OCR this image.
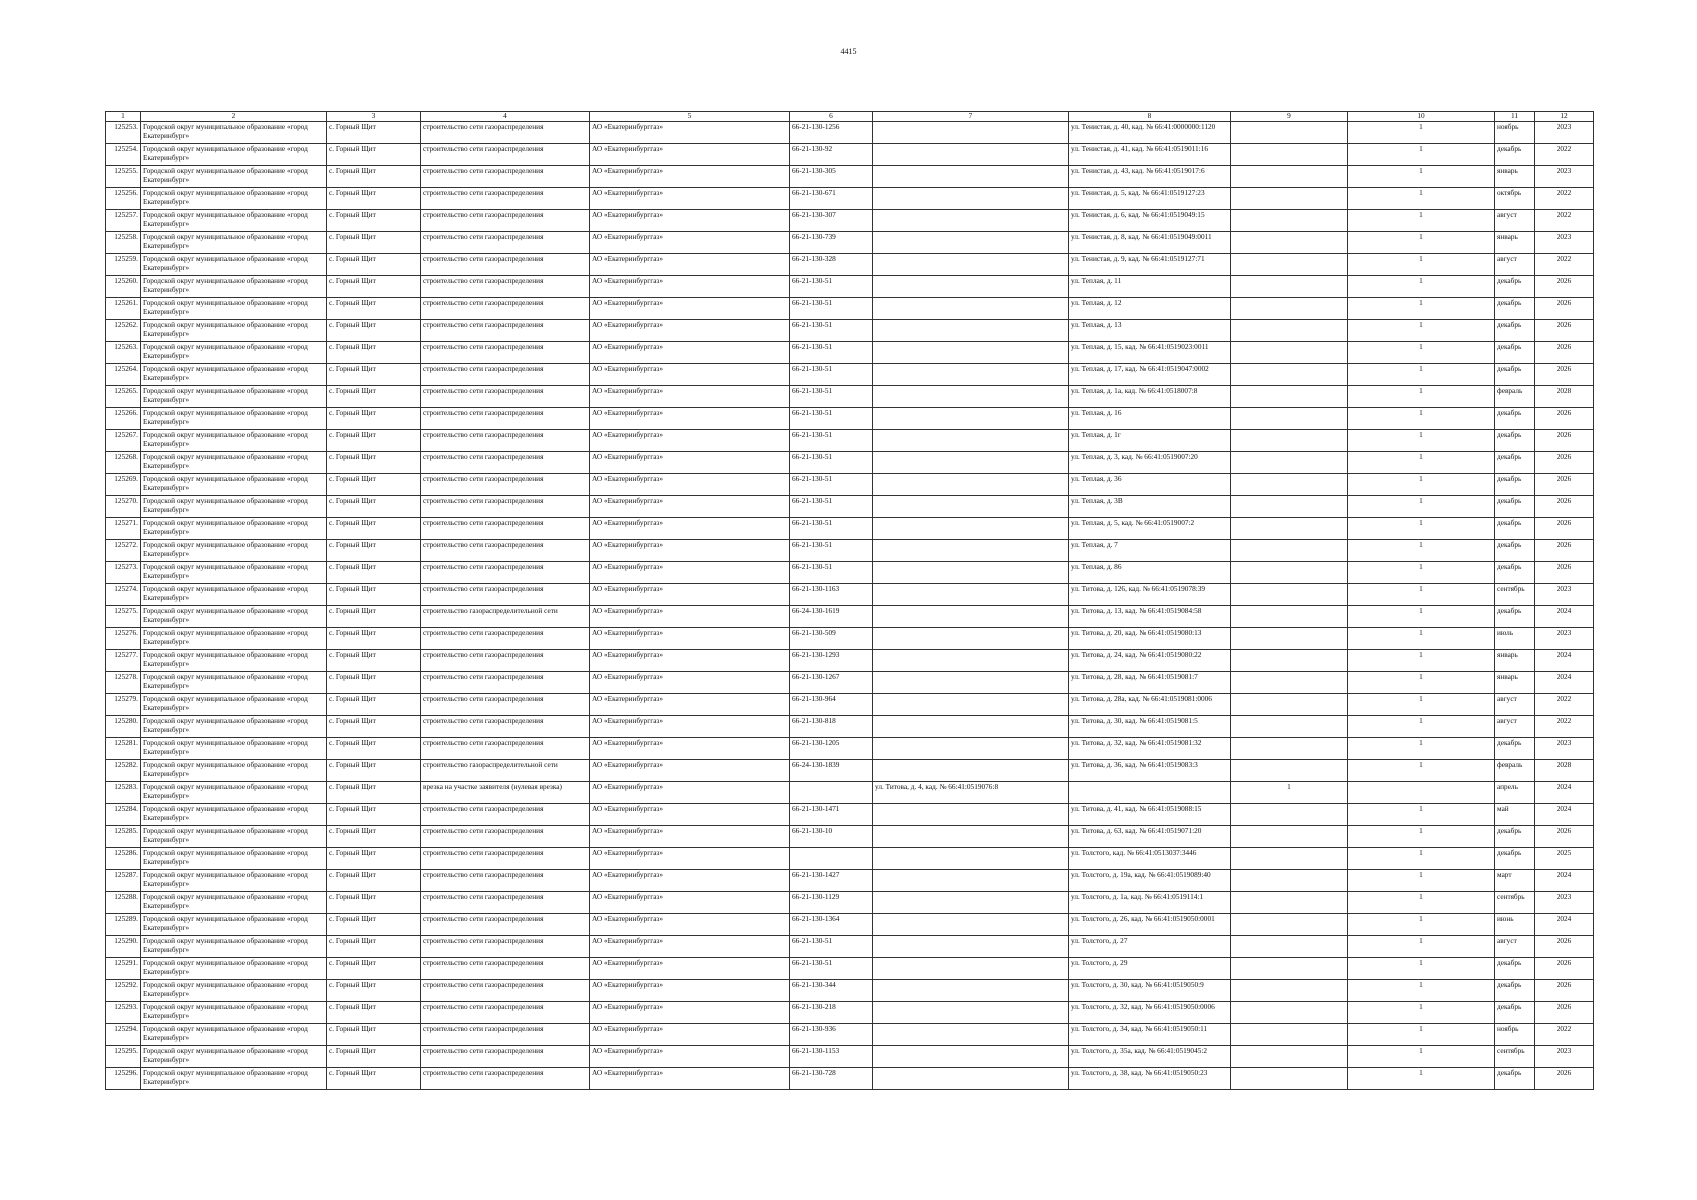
4415
1	2	3	4	5	6	7	8	9	10	11	12
125253.	Городской округ муниципальное образование «город Екатеринбург»	с. Горный Щит	строительство сети газораспределения	АО «Екатеринбурггаз»	66-21-130-1256		ул. Тенистая, д. 40, кад. № 66:41:0000000:1120		1	ноябрь	2023
125254.	Городской округ муниципальное образование «город Екатеринбург»	с. Горный Щит	строительство сети газораспределения	АО «Екатеринбурггаз»	66-21-130-92		ул. Тенистая, д. 41, кад. № 66:41:0519011:16		1	декабрь	2022
125255.	Городской округ муниципальное образование «город Екатеринбург»	с. Горный Щит	строительство сети газораспределения	АО «Екатеринбурггаз»	66-21-130-305		ул. Тенистая, д. 43, кад. № 66:41:0519017:6		1	январь	2023
125256.	Городской округ муниципальное образование «город Екатеринбург»	с. Горный Щит	строительство сети газораспределения	АО «Екатеринбурггаз»	66-21-130-671		ул. Тенистая, д. 5, кад. № 66:41:0519127:23		1	октябрь	2022
125257.	Городской округ муниципальное образование «город Екатеринбург»	с. Горный Щит	строительство сети газораспределения	АО «Екатеринбурггаз»	66-21-130-307		ул. Тенистая, д. 6, кад. № 66:41:0519049:15		1	август	2022
125258.	Городской округ муниципальное образование «город Екатеринбург»	с. Горный Щит	строительство сети газораспределения	АО «Екатеринбурггаз»	66-21-130-739		ул. Тенистая, д. 8, кад. № 66:41:0519049:0011		1	январь	2023
125259.	Городской округ муниципальное образование «город Екатеринбург»	с. Горный Щит	строительство сети газораспределения	АО «Екатеринбурггаз»	66-21-130-328		ул. Тенистая, д. 9, кад. № 66:41:0519127:71		1	август	2022
125260.	Городской округ муниципальное образование «город Екатеринбург»	с. Горный Щит	строительство сети газораспределения	АО «Екатеринбурггаз»	66-21-130-51		ул. Теплая, д. 11		1	декабрь	2026
125261.	Городской округ муниципальное образование «город Екатеринбург»	с. Горный Щит	строительство сети газораспределения	АО «Екатеринбурггаз»	66-21-130-51		ул. Теплая, д. 12		1	декабрь	2026
125262.	Городской округ муниципальное образование «город Екатеринбург»	с. Горный Щит	строительство сети газораспределения	АО «Екатеринбурггаз»	66-21-130-51		ул. Теплая, д. 13		1	декабрь	2026
125263.	Городской округ муниципальное образование «город Екатеринбург»	с. Горный Щит	строительство сети газораспределения	АО «Екатеринбурггаз»	66-21-130-51		ул. Теплая, д. 15, кад. № 66:41:0519023:0011		1	декабрь	2026
125264.	Городской округ муниципальное образование «город Екатеринбург»	с. Горный Щит	строительство сети газораспределения	АО «Екатеринбурггаз»	66-21-130-51		ул. Теплая, д. 17, кад. № 66:41:0519047:0002		1	декабрь	2026
125265.	Городской округ муниципальное образование «город Екатеринбург»	с. Горный Щит	строительство сети газораспределения	АО «Екатеринбурггаз»	66-21-130-51		ул. Теплая, д. 1а, кад. № 66:41:0518007:8		1	февраль	2028
125266.	Городской округ муниципальное образование «город Екатеринбург»	с. Горный Щит	строительство сети газораспределения	АО «Екатеринбурггаз»	66-21-130-51		ул. Теплая, д. 16		1	декабрь	2026
125267.	Городской округ муниципальное образование «город Екатеринбург»	с. Горный Щит	строительство сети газораспределения	АО «Екатеринбурггаз»	66-21-130-51		ул. Теплая, д. 1г		1	декабрь	2026
125268.	Городской округ муниципальное образование «город Екатеринбург»	с. Горный Щит	строительство сети газораспределения	АО «Екатеринбурггаз»	66-21-130-51		ул. Теплая, д. 3, кад. № 66:41:0519007:20		1	декабрь	2026
125269.	Городской округ муниципальное образование «город Екатеринбург»	с. Горный Щит	строительство сети газораспределения	АО «Екатеринбурггаз»	66-21-130-51		ул. Теплая, д. 36		1	декабрь	2026
125270.	Городской округ муниципальное образование «город Екатеринбург»	с. Горный Щит	строительство сети газораспределения	АО «Екатеринбурггаз»	66-21-130-51		ул. Теплая, д. 3В		1	декабрь	2026
125271.	Городской округ муниципальное образование «город Екатеринбург»	с. Горный Щит	строительство сети газораспределения	АО «Екатеринбурггаз»	66-21-130-51		ул. Теплая, д. 5, кад. № 66:41:0519007:2		1	декабрь	2026
125272.	Городской округ муниципальное образование «город Екатеринбург»	с. Горный Щит	строительство сети газораспределения	АО «Екатеринбурггаз»	66-21-130-51		ул. Теплая, д. 7		1	декабрь	2026
125273.	Городской округ муниципальное образование «город Екатеринбург»	с. Горный Щит	строительство сети газораспределения	АО «Екатеринбурггаз»	66-21-130-51		ул. Теплая, д. 86		1	декабрь	2026
125274.	Городской округ муниципальное образование «город Екатеринбург»	с. Горный Щит	строительство сети газораспределения	АО «Екатеринбурггаз»	66-21-130-1163		ул. Титова, д. 126, кад. № 66:41:0519078:39		1	сентябрь	2023
125275.	Городской округ муниципальное образование «город Екатеринбург»	с. Горный Щит	строительство газораспределительной сети	АО «Екатеринбурггаз»	66-24-130-1619		ул. Титова, д. 13, кад. № 66:41:0519084:58		1	декабрь	2024
125276.	Городской округ муниципальное образование «город Екатеринбург»	с. Горный Щит	строительство сети газораспределения	АО «Екатеринбурггаз»	66-21-130-509		ул. Титова, д. 20, кад. № 66:41:0519080:13		1	июль	2023
125277.	Городской округ муниципальное образование «город Екатеринбург»	с. Горный Щит	строительство сети газораспределения	АО «Екатеринбурггаз»	66-21-130-1293		ул. Титова, д. 24, кад. № 66:41:0519080:22		1	январь	2024
125278.	Городской округ муниципальное образование «город Екатеринбург»	с. Горный Щит	строительство сети газораспределения	АО «Екатеринбурггаз»	66-21-130-1267		ул. Титова, д. 28, кад. № 66:41:0519081:7		1	январь	2024
125279.	Городской округ муниципальное образование «город Екатеринбург»	с. Горный Щит	строительство сети газораспределения	АО «Екатеринбурггаз»	66-21-130-964		ул. Титова, д. 28а, кад. № 66:41:0519081:0006		1	август	2022
125280.	Городской округ муниципальное образование «город Екатеринбург»	с. Горный Щит	строительство сети газораспределения	АО «Екатеринбурггаз»	66-21-130-818		ул. Титова, д. 30, кад. № 66:41:0519081:5		1	август	2022
125281.	Городской округ муниципальное образование «город Екатеринбург»	с. Горный Щит	строительство сети газораспределения	АО «Екатеринбурггаз»	66-21-130-1205		ул. Титова, д. 32, кад. № 66:41:0519081:32		1	декабрь	2023
125282.	Городской округ муниципальное образование «город Екатеринбург»	с. Горный Щит	строительство газораспределительной сети	АО «Екатеринбурггаз»	66-24-130-1839		ул. Титова, д. 36, кад. № 66:41:0519083:3		1	февраль	2028
125283.	Городской округ муниципальное образование «город Екатеринбург»	с. Горный Щит	врезка на участке заявителя (нулевая врезка)	АО «Екатеринбурггаз»		ул. Титова, д. 4, кад. № 66:41:0519076:8		1		апрель	2024
125284.	Городской округ муниципальное образование «город Екатеринбург»	с. Горный Щит	строительство сети газораспределения	АО «Екатеринбурггаз»	66-21-130-1471		ул. Титова, д. 41, кад. № 66:41:0519088:15		1	май	2024
125285.	Городской округ муниципальное образование «город Екатеринбург»	с. Горный Щит	строительство сети газораспределения	АО «Екатеринбурггаз»	66-21-130-10		ул. Титова, д. 63, кад. № 66:41:0519071:20		1	декабрь	2026
125286.	Городской округ муниципальное образование «город Екатеринбург»	с. Горный Щит	строительство сети газораспределения	АО «Екатеринбурггаз»			ул. Толстого, кад. № 66:41:0513037:3446		1	декабрь	2025
125287.	Городской округ муниципальное образование «город Екатеринбург»	с. Горный Щит	строительство сети газораспределения	АО «Екатеринбурггаз»	66-21-130-1427		ул. Толстого, д. 19а, кад. № 66:41:0519089:40		1	март	2024
125288.	Городской округ муниципальное образование «город Екатеринбург»	с. Горный Щит	строительство сети газораспределения	АО «Екатеринбурггаз»	66-21-130-1129		ул. Толстого, д. 1а, кад. № 66:41:0519114:1		1	сентябрь	2023
125289.	Городской округ муниципальное образование «город Екатеринбург»	с. Горный Щит	строительство сети газораспределения	АО «Екатеринбурггаз»	66-21-130-1364		ул. Толстого, д. 26, кад. № 66:41:0519050:0001		1	июнь	2024
125290.	Городской округ муниципальное образование «город Екатеринбург»	с. Горный Щит	строительство сети газораспределения	АО «Екатеринбурггаз»	66-21-130-51		ул. Толстого, д. 27		1	август	2026
125291.	Городской округ муниципальное образование «город Екатеринбург»	с. Горный Щит	строительство сети газораспределения	АО «Екатеринбурггаз»	66-21-130-51		ул. Толстого, д. 29		1	декабрь	2026
125292.	Городской округ муниципальное образование «город Екатеринбург»	с. Горный Щит	строительство сети газораспределения	АО «Екатеринбурггаз»	66-21-130-344		ул. Толстого, д. 30, кад. № 66:41:0519050:9		1	декабрь	2026
125293.	Городской округ муниципальное образование «город Екатеринбург»	с. Горный Щит	строительство сети газораспределения	АО «Екатеринбурггаз»	66-21-130-218		ул. Толстого, д. 32, кад. № 66:41:0519050:0006		1	декабрь	2026
125294.	Городской округ муниципальное образование «город Екатеринбург»	с. Горный Щит	строительство сети газораспределения	АО «Екатеринбурггаз»	66-21-130-936		ул. Толстого, д. 34, кад. № 66:41:0519050:11		1	ноябрь	2022
125295.	Городской округ муниципальное образование «город Екатеринбург»	с. Горный Щит	строительство сети газораспределения	АО «Екатеринбурггаз»	66-21-130-1153		ул. Толстого, д. 35а, кад. № 66:41:0519045:2		1	сентябрь	2023
125296.	Городской округ муниципальное образование «город Екатеринбург»	с. Горный Щит	строительство сети газораспределения	АО «Екатеринбурггаз»	66-21-130-728		ул. Толстого, д. 38, кад. № 66:41:0519050:23		1	декабрь	2026
